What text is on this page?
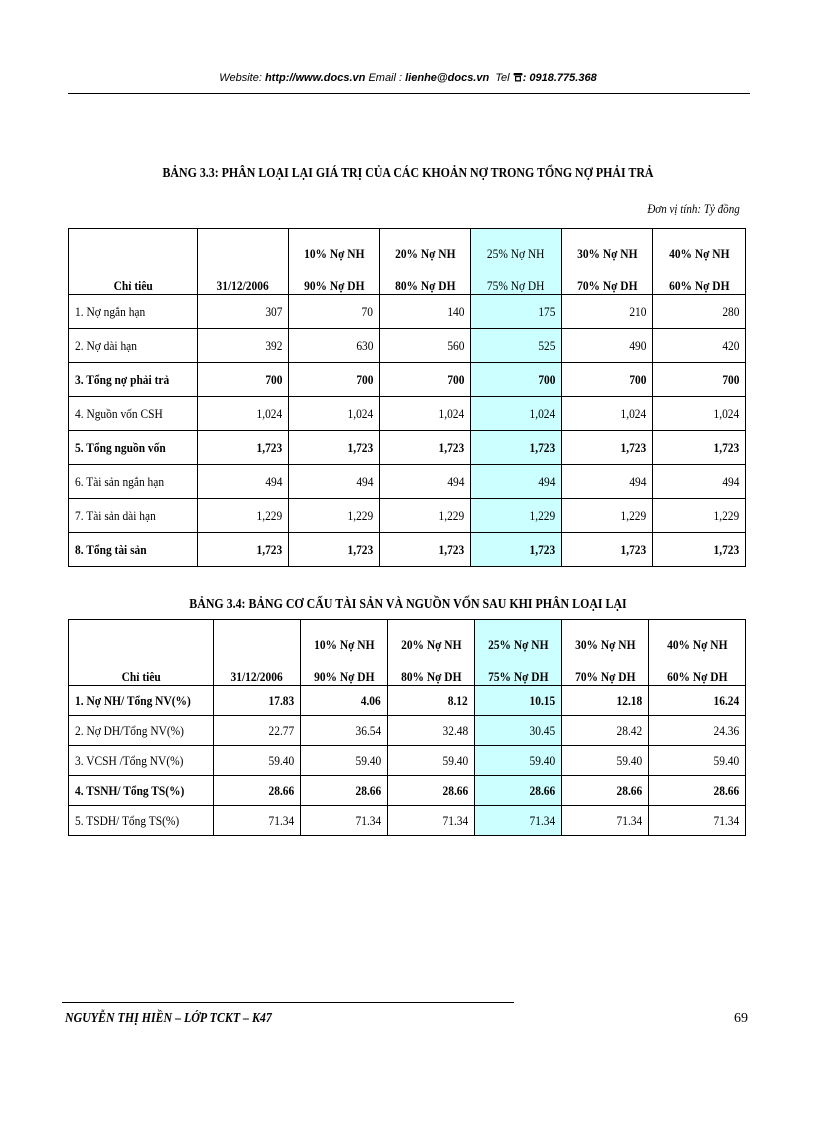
Website: http://www.docs.vn Email : lienhe@docs.vn Tel : 0918.775.368
BẢNG 3.3: PHÂN LOẠI LẠI GIÁ TRỊ CỦA CÁC KHOẢN NỢ TRONG TỔNG NỢ PHẢI TRẢ
Đơn vị tính: Tỷ đồng
Chỉ tiêu	31/12/2006	10% Nợ NH	20% Nợ NH	25% Nợ NH	30% Nợ NH	40% Nợ NH
		90% Nợ DH	80% Nợ DH	75% Nợ DH	70% Nợ DH	60% Nợ DH
1. Nợ ngắn hạn	307	70	140	175	210	280
2. Nợ dài hạn	392	630	560	525	490	420
3. Tổng nợ phải trả	700	700	700	700	700	700
4. Nguồn vốn CSH	1,024	1,024	1,024	1,024	1,024	1,024
5. Tổng nguồn vốn	1,723	1,723	1,723	1,723	1,723	1,723
6. Tài sản ngắn hạn	494	494	494	494	494	494
7. Tài sản dài hạn	1,229	1,229	1,229	1,229	1,229	1,229
8. Tổng tài sản	1,723	1,723	1,723	1,723	1,723	1,723
BẢNG 3.4: BẢNG CƠ CẤU TÀI SẢN VÀ NGUỒN VỐN SAU KHI PHÂN LOẠI LẠI
Chỉ tiêu	31/12/2006	10% Nợ NH	20% Nợ NH	25% Nợ NH	30% Nợ NH	40% Nợ NH
		90% Nợ DH	80% Nợ DH	75% Nợ DH	70% Nợ DH	60% Nợ DH
1. Nợ NH/ Tổng NV(%)	17.83	4.06	8.12	10.15	12.18	16.24
2. Nợ DH/Tổng NV(%)	22.77	36.54	32.48	30.45	28.42	24.36
3. VCSH /Tổng NV(%)	59.40	59.40	59.40	59.40	59.40	59.40
4. TSNH/ Tổng TS(%)	28.66	28.66	28.66	28.66	28.66	28.66
5. TSDH/ Tổng TS(%)	71.34	71.34	71.34	71.34	71.34	71.34
NGUYỄN THỊ HIỀN – LỚP TCKT – K47	69
